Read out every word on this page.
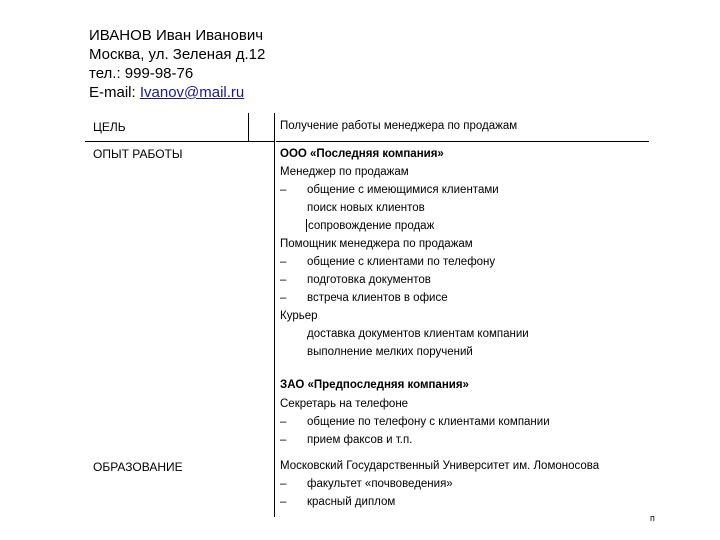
ИВАНОВ Иван Иванович
Москва, ул. Зеленая д.12
тел.: 999-98-76
E-mail: Ivanov@mail.ru
ЦЕЛЬ
ОПЫТ РАБОТЫ
ОБРАЗОВАНИЕ
Получение работы менеджера по продажам
ООО «Последняя компания»
Менеджер по продажам
– общение с имеющимися клиентами
поиск новых клиентов
сопровождение продаж
Помощник менеджера по продажам
– общение с клиентами по телефону
– подготовка документов
– встреча клиентов в офисе
Курьер
доставка документов клиентам компании
выполнение мелких поручений
ЗАО «Предпоследняя компания»
Секретарь на телефоне
– общение по телефону с клиентами компании
– прием факсов и т.п.
Московский Государственный Университет им. Ломоносова
– факультет «почвоведения»
– красный диплом
п
